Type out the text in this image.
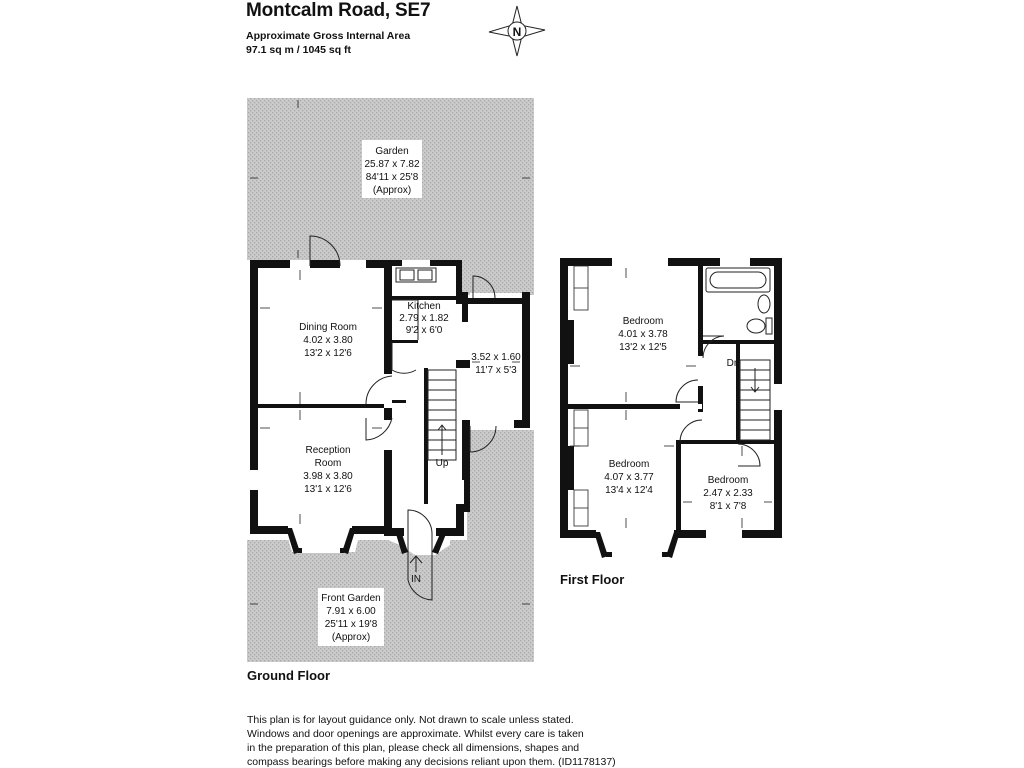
Montcalm Road, SE7
Approximate Gross Internal Area
97.1 sq m / 1045 sq ft
N
Up
IN
Garden
25.87 x 7.82
84'11 x 25'8
(Approx)
Front Garden
7.91 x 6.00
25'11 x 19'8
(Approx)
Kitchen
2.79 x 1.82
9'2 x 6'0
Dining Room
4.02 x 3.80
13'2 x 12'6	3.52 x 1.60
11'7 x 5'3
Reception
Room
3.98 x 3.80
13'1 x 12'6
Dn
Bedroom
4.01 x 3.78
13'2 x 12'5
Bedroom
4.07 x 3.77
13'4 x 12'4
Bedroom
2.47 x 2.33
8'1 x 7'8
Ground Floor
First Floor
This plan is for layout guidance only. Not drawn to scale unless stated.
Windows and door openings are approximate. Whilst every care is taken
in the preparation of this plan, please check all dimensions, shapes and
compass bearings before making any decisions reliant upon them. (ID1178137)
